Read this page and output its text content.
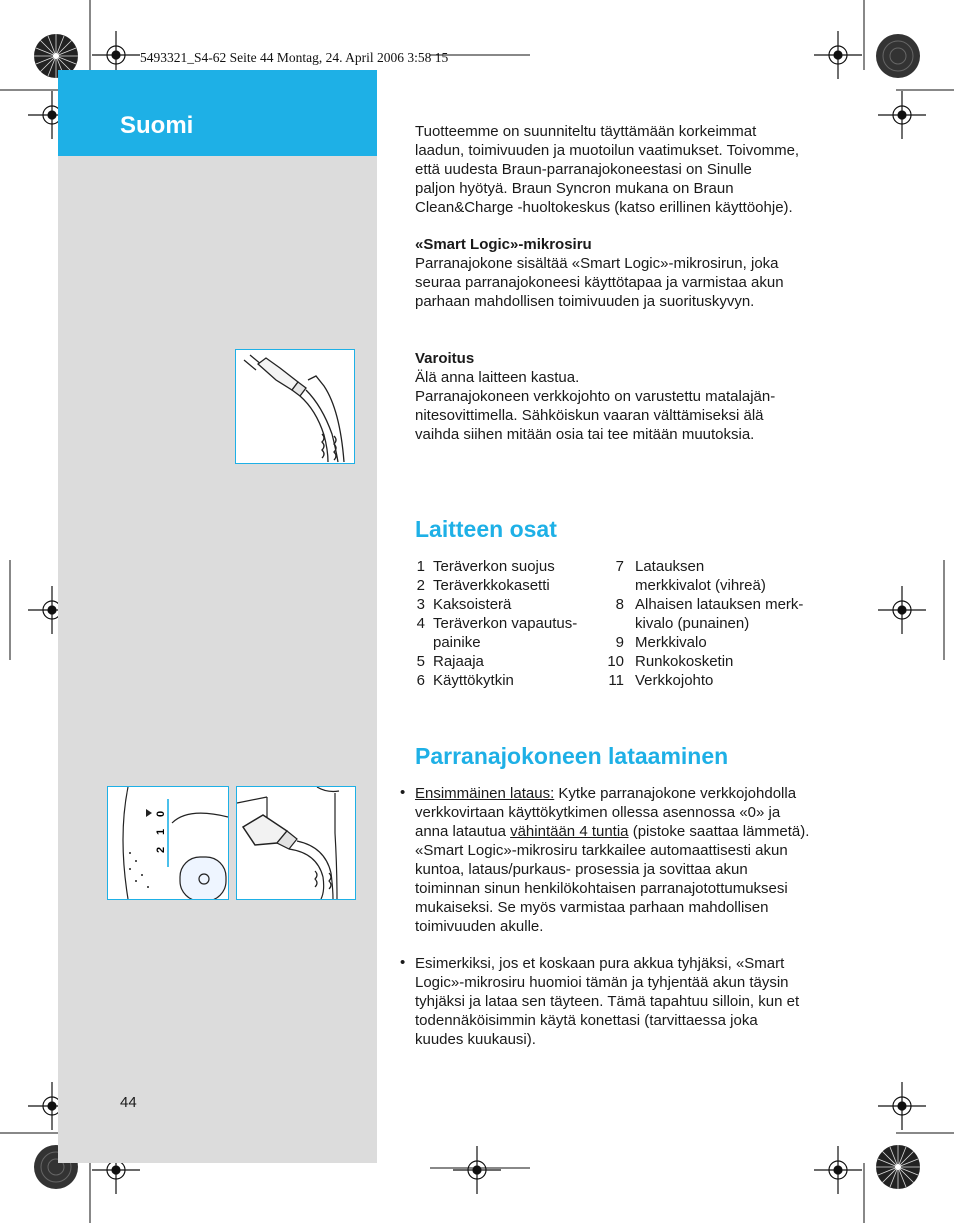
5493321_S4-62 Seite 44 Montag, 24. April 2006 3:58 15
Suomi
0
1
2
Tuotteemme on suunniteltu täyttämään korkeimmat
laadun, toimivuuden ja muotoilun vaatimukset. Toivomme,
että uudesta Braun-parranajokoneestasi on Sinulle
paljon hyötyä. Braun Syncron mukana on Braun
Clean&Charge -huoltokeskus (katso erillinen käyttöohje).
«Smart Logic»-mikrosiru
Parranajokone sisältää «Smart Logic»-mikrosirun, joka
seuraa parranajokoneesi käyttötapaa ja varmistaa akun
parhaan mahdollisen toimivuuden ja suorituskyvyn.
Varoitus
Älä anna laitteen kastua.
Parranajokoneen verkkojohto on varustettu matalajän-
nitesovittimella. Sähköiskun vaaran välttämiseksi älä
vaihda siihen mitään osia tai tee mitään muutoksia.
Laitteen osat
1 Teräverkon suojus
2 Teräverkkokasetti
3 Kaksoisterä
4 Teräverkon vapautus-
painike
5 Rajaaja
6 Käyttökytkin
7 Latauksen
merkkivalot (vihreä)
8 Alhaisen latauksen merk-
kivalo (punainen)
9 Merkkivalo
10 Runkokosketin
11 Verkkojohto
Parranajokoneen lataaminen
• Ensimmäinen lataus: Kytke parranajokone verkkojohdolla
verkkovirtaan käyttökytkimen ollessa asennossa «0» ja
anna latautua vähintään 4 tuntia (pistoke saattaa lämmetä).
«Smart Logic»-mikrosiru tarkkailee automaattisesti akun
kuntoa, lataus/purkaus- prosessia ja sovittaa akun
toiminnan sinun henkilökohtaisen parranajotottumuksesi
mukaiseksi. Se myös varmistaa parhaan mahdollisen
toimivuuden akulle.
• Esimerkiksi, jos et koskaan pura akkua tyhjäksi, «Smart
Logic»-mikrosiru huomioi tämän ja tyhjentää akun täysin
tyhjäksi ja lataa sen täyteen. Tämä tapahtuu silloin, kun et
todennäköisimmin käytä konettasi (tarvittaessa joka
kuudes kuukausi).
44
